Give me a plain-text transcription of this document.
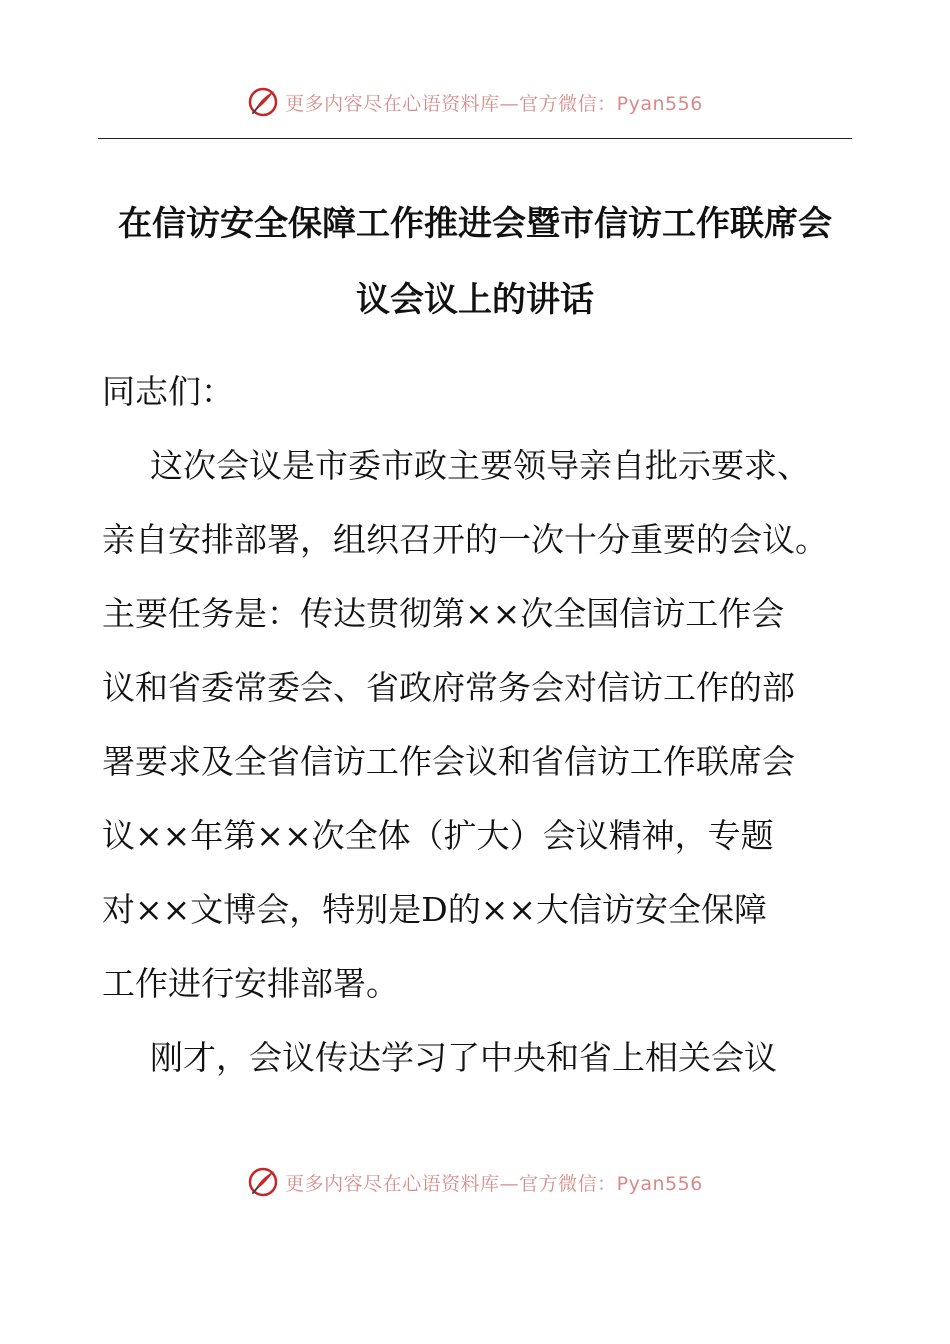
更多内容尽在心语资料库—官方微信：Pyan556
在信访安全保障工作推进会暨市信访工作联席会
议会议上的讲话
同志们：
　这次会议是市委市政主要领导亲自批示要求、
亲自安排部署，组织召开的一次十分重要的会议。
主要任务是：传达贯彻第××次全国信访工作会
议和省委常委会、省政府常务会对信访工作的部
署要求及全省信访工作会议和省信访工作联席会
议××年第××次全体（扩大）会议精神，专题
对××文博会，特别是D的××大信访安全保障
工作进行安排部署。
　刚才，会议传达学习了中央和省上相关会议
更多内容尽在心语资料库—官方微信：Pyan556
